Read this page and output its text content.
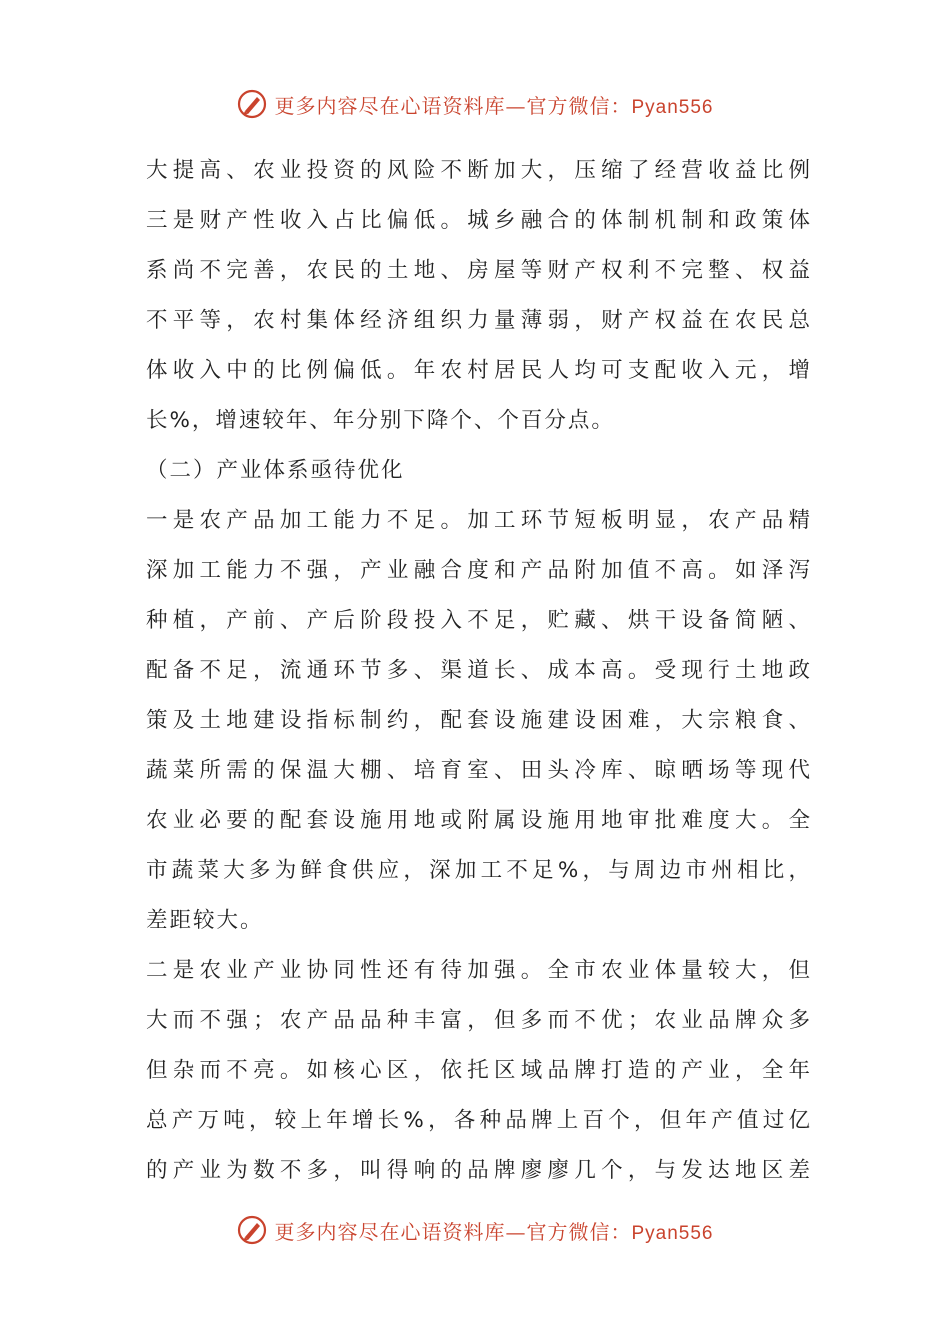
更多内容尽在心语资料库—官方微信：Pyan556
大提高、农业投资的风险不断加大，压缩了经营收益比例
三是财产性收入占比偏低。城乡融合的体制机制和政策体
系尚不完善，农民的土地、房屋等财产权利不完整、权益
不平等，农村集体经济组织力量薄弱，财产权益在农民总
体收入中的比例偏低。年农村居民人均可支配收入元，增
长%，增速较年、年分别下降个、个百分点。
（二）产业体系亟待优化
一是农产品加工能力不足。加工环节短板明显，农产品精
深加工能力不强，产业融合度和产品附加值不高。如泽泻
种植，产前、产后阶段投入不足，贮藏、烘干设备简陋、
配备不足，流通环节多、渠道长、成本高。受现行土地政
策及土地建设指标制约，配套设施建设困难，大宗粮食、
蔬菜所需的保温大棚、培育室、田头冷库、晾晒场等现代
农业必要的配套设施用地或附属设施用地审批难度大。全
市蔬菜大多为鲜食供应，深加工不足%，与周边市州相比，
差距较大。
二是农业产业协同性还有待加强。全市农业体量较大，但
大而不强；农产品品种丰富，但多而不优；农业品牌众多
但杂而不亮。如核心区，依托区域品牌打造的产业，全年
总产万吨，较上年增长%，各种品牌上百个，但年产值过亿
的产业为数不多，叫得响的品牌廖廖几个，与发达地区差
更多内容尽在心语资料库—官方微信：Pyan556
